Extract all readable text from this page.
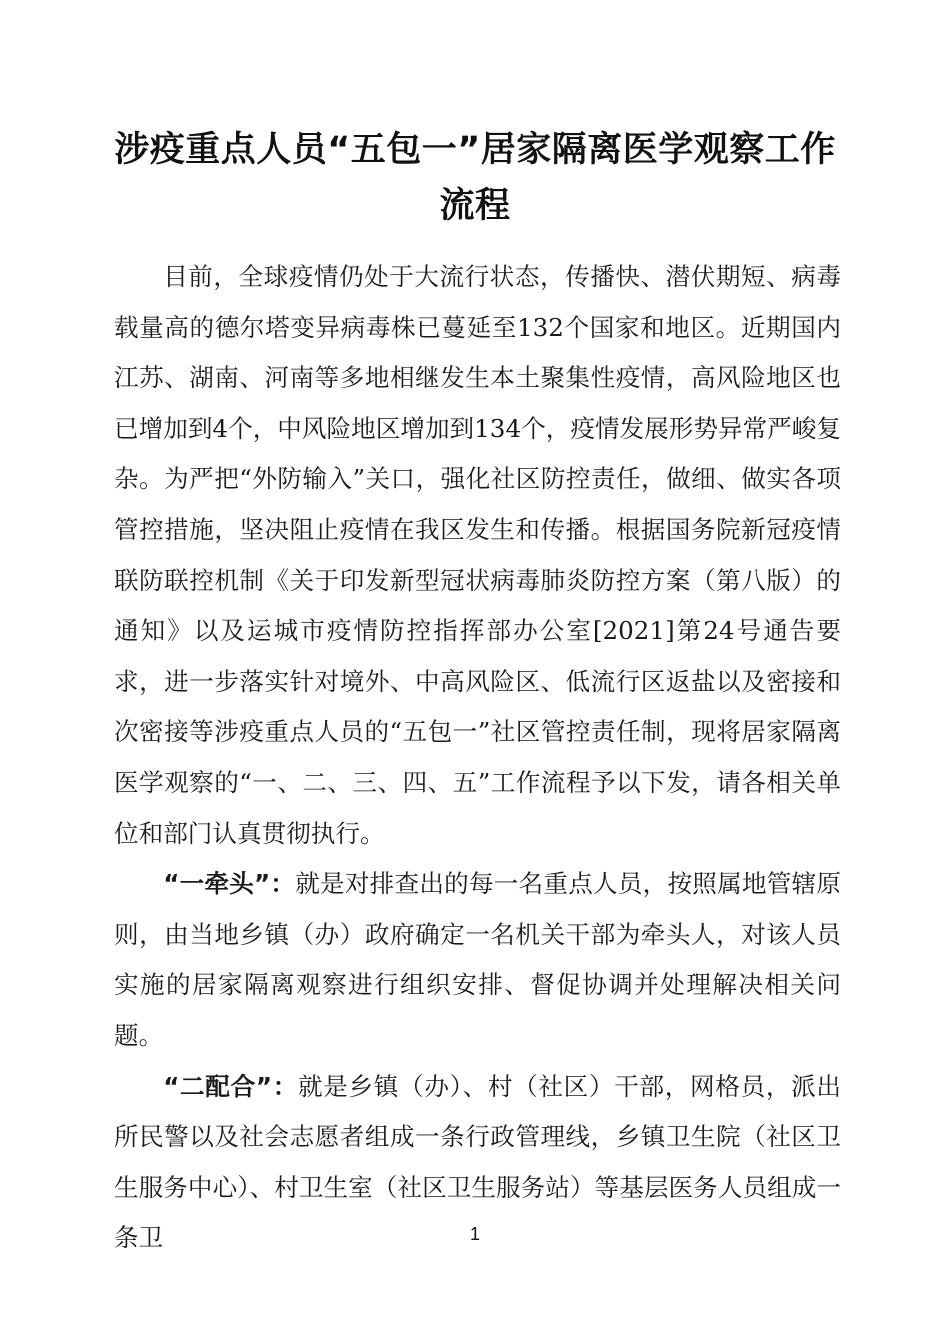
涉疫重点人员“五包一”居家隔离医学观察工作流程

目前，全球疫情仍处于大流行状态，传播快、潜伏期短、病毒载量高的德尔塔变异病毒株已蔓延至132个国家和地区。近期国内江苏、湖南、河南等多地相继发生本土聚集性疫情，高风险地区也已增加到4个，中风险地区增加到134个，疫情发展形势异常严峻复杂。为严把“外防输入”关口，强化社区防控责任，做细、做实各项管控措施，坚决阻止疫情在我区发生和传播。根据国务院新冠疫情联防联控机制《关于印发新型冠状病毒肺炎防控方案（第八版）的通知》以及运城市疫情防控指挥部办公室[2021]第24号通告要求，进一步落实针对境外、中高风险区、低流行区返盐以及密接和次密接等涉疫重点人员的“五包一”社区管控责任制，现将居家隔离医学观察的“一、二、三、四、五”工作流程予以下发，请各相关单位和部门认真贯彻执行。

“一牵头”：就是对排查出的每一名重点人员，按照属地管辖原则，由当地乡镇（办）政府确定一名机关干部为牵头人，对该人员实施的居家隔离观察进行组织安排、督促协调并处理解决相关问题。

“二配合”：就是乡镇（办）、村（社区）干部，网格员，派出所民警以及社会志愿者组成一条行政管理线，乡镇卫生院（社区卫生服务中心）、村卫生室（社区卫生服务站）等基层医务人员组成一条卫	1
